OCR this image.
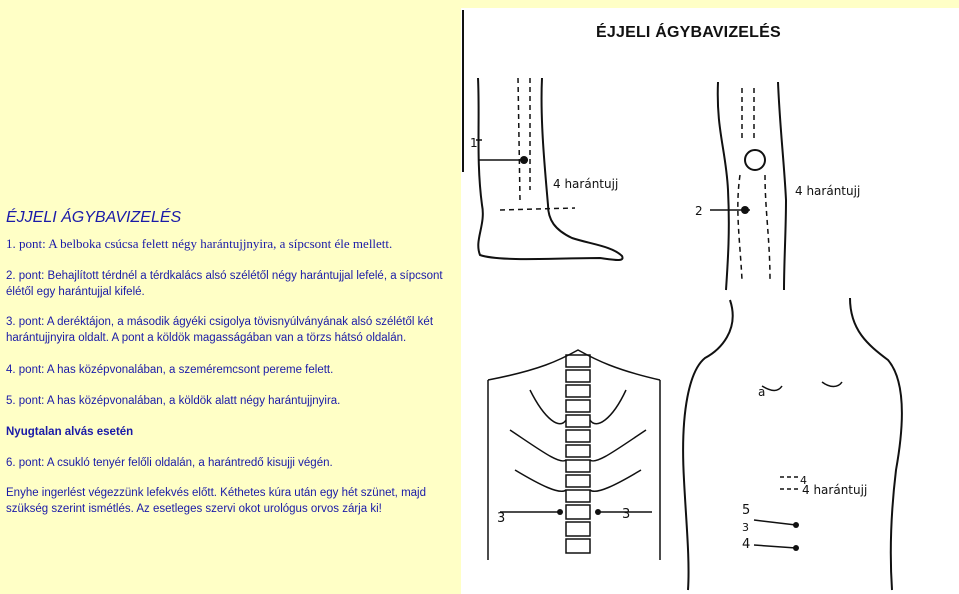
ÉJJELI ÁGYBAVIZELÉS

1. pont: A belboka csúcsa felett négy harántujjnyira, a sípcsont éle mellett.

2. pont: Behajlított térdnél a térdkalács alsó szélétől négy harántujjal lefelé, a sípcsont élétől egy harántujjal kifelé.

3. pont: A deréktájon, a második ágyéki csigolya tövisnyúlványának alsó szélétől két harántujjnyira oldalt. A pont a köldök magasságában van a törzs hátsó oldalán.

4. pont: A has középvonalában, a szeméremcsont pereme felett.

5. pont: A has középvonalában, a köldök alatt négy harántujjnyira.

Nyugtalan alvás esetén

6. pont: A csukló tenyér felőli oldalán, a harántredő kisujji végén.

Enyhe ingerlést végezzünk lefekvés előtt. Kéthetes kúra után egy hét szünet, majd szükség szerint ismétlés. Az esetleges szervi okot urológus orvos zárja ki!

ÉJJELI ÁGYBAVIZELÉS
1
4 harántujj
2
4 harántujj
3	3
a
4 harántujj
4
5
4
3
